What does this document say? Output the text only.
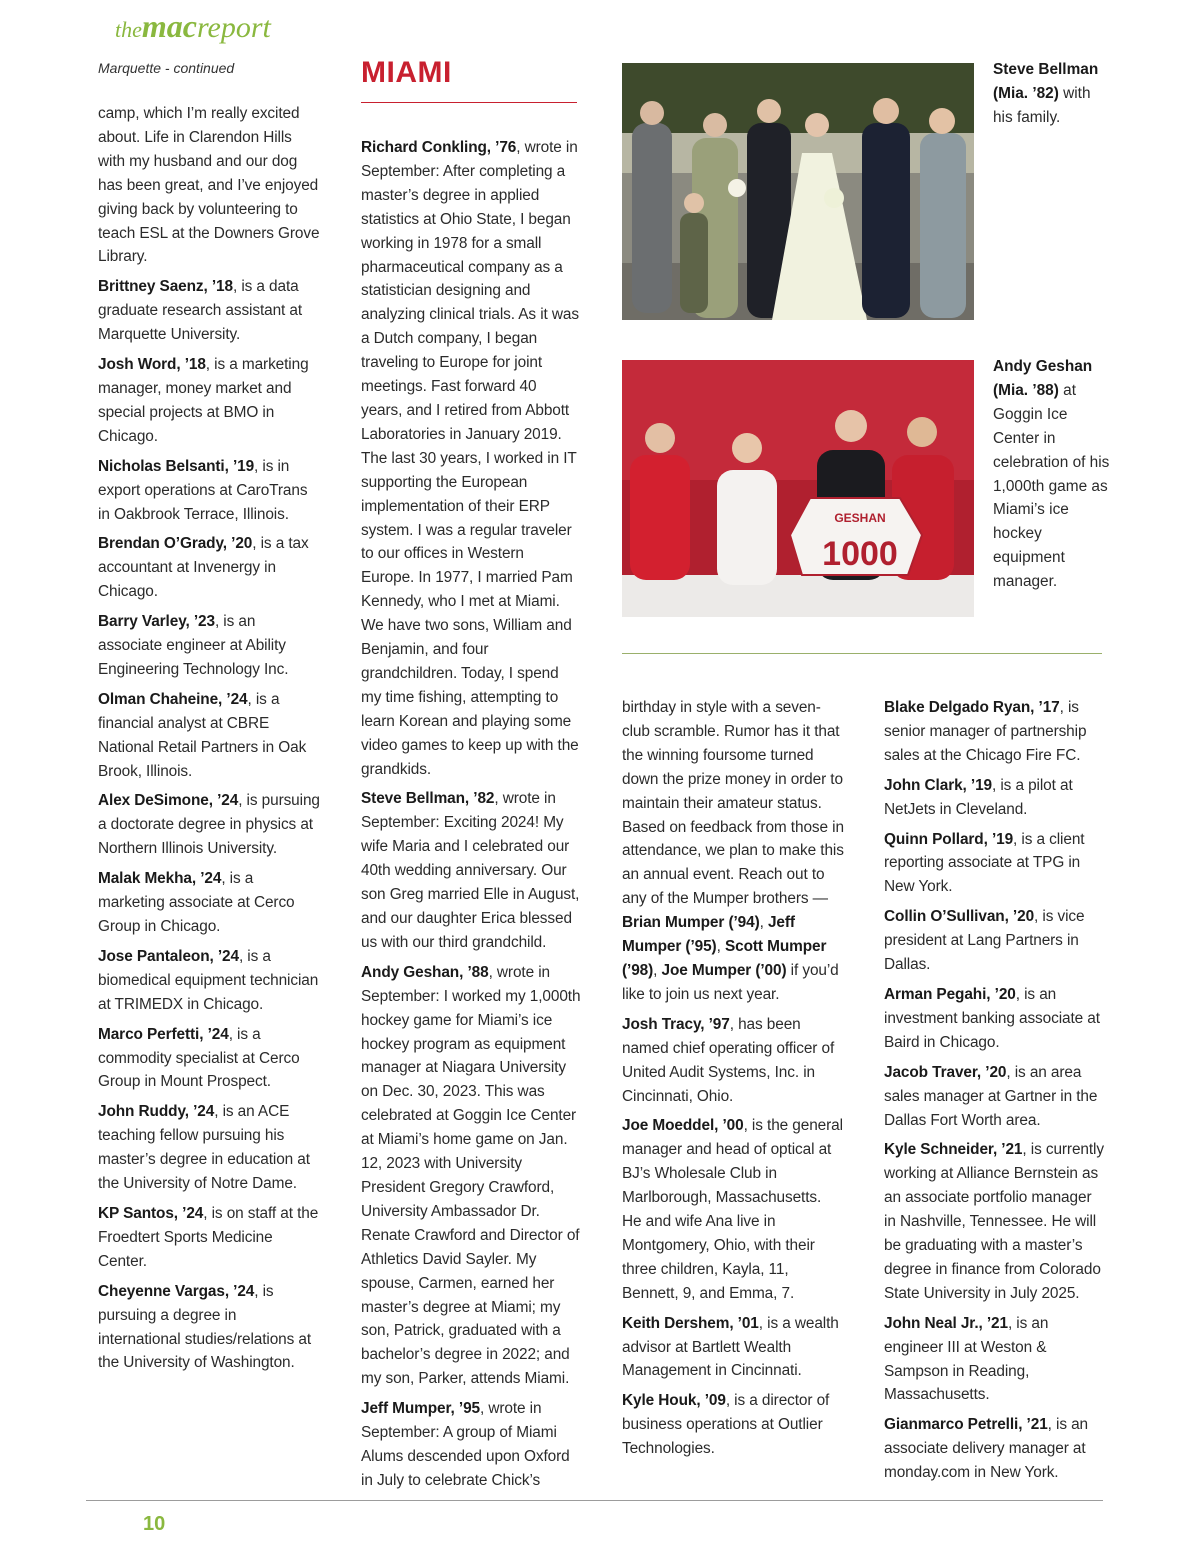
themacreport
Marquette - continued	MIAMI

camp, which I’m really excited about. Life in Clarendon Hills with my husband and our dog has been great, and I’ve enjoyed giving back by volunteering to teach ESL at the Downers Grove Library.

Brittney Saenz, ’18, is a data graduate research assistant at Marquette University.

Josh Word, ’18, is a marketing manager, money market and special projects at BMO in Chicago.

Nicholas Belsanti, ’19, is in export operations at CaroTrans in Oakbrook Terrace, Illinois.

Brendan O’Grady, ’20, is a tax accountant at Invenergy in Chicago.

Barry Varley, ’23, is an associate engineer at Ability Engineering Technology Inc.

Olman Chaheine, ’24, is a financial analyst at CBRE National Retail Partners in Oak Brook, Illinois.

Alex DeSimone, ’24, is pursuing a doctorate degree in physics at Northern Illinois University.

Malak Mekha, ’24, is a marketing associate at Cerco Group in Chicago.

Jose Pantaleon, ’24, is a biomedical equipment technician at TRIMEDX in Chicago.

Marco Perfetti, ’24, is a commodity specialist at Cerco Group in Mount Prospect.

John Ruddy, ’24, is an ACE teaching fellow pursuing his master’s degree in education at the University of Notre Dame.

KP Santos, ’24, is on staff at the Froedtert Sports Medicine Center.

Cheyenne Vargas, ’24, is pursuing a degree in international studies/relations at the University of Washington.

Richard Conkling, ’76, wrote in September: After completing a master’s degree in applied statistics at Ohio State, I began working in 1978 for a small pharmaceutical company as a statistician designing and analyzing clinical trials. As it was a Dutch company, I began traveling to Europe for joint meetings. Fast forward 40 years, and I retired from Abbott Laboratories in January 2019. The last 30 years, I worked in IT supporting the European implementation of their ERP system. I was a regular traveler to our offices in Western Europe. In 1977, I married Pam Kennedy, who I met at Miami. We have two sons, William and Benjamin, and four grandchildren. Today, I spend my time fishing, attempting to learn Korean and playing some video games to keep up with the grandkids.

Steve Bellman, ’82, wrote in September: Exciting 2024! My wife Maria and I celebrated our 40th wedding anniversary. Our son Greg married Elle in August, and our daughter Erica blessed us with our third grandchild.

Andy Geshan, ’88, wrote in September: I worked my 1,000th hockey game for Miami’s ice hockey program as equipment manager at Niagara University on Dec. 30, 2023. This was celebrated at Goggin Ice Center at Miami’s home game on Jan. 12, 2023 with University President Gregory Crawford, University Ambassador Dr. Renate Crawford and Director of Athletics David Sayler. My spouse, Carmen, earned her master’s degree at Miami; my son, Patrick, graduated with a bachelor’s degree in 2022; and my son, Parker, attends Miami.

Jeff Mumper, ’95, wrote in September: A group of Miami Alums descended upon Oxford in July to celebrate Chick’s

Steve Bellman (Mia. ’82) with his family.
GESHAN
1000
Andy Geshan (Mia. ’88) at Goggin Ice Center in celebration of his 1,000th game as Miami’s ice hockey equipment manager.

birthday in style with a seven-club scramble. Rumor has it that the winning foursome turned down the prize money in order to maintain their amateur status. Based on feedback from those in attendance, we plan to make this an annual event. Reach out to any of the Mumper brothers — Brian Mumper (’94), Jeff Mumper (’95), Scott Mumper (’98), Joe Mumper (’00) if you’d like to join us next year.

Josh Tracy, ’97, has been named chief operating officer of United Audit Systems, Inc. in Cincinnati, Ohio.

Joe Moeddel, ’00, is the general manager and head of optical at BJ’s Wholesale Club in Marlborough, Massachusetts. He and wife Ana live in Montgomery, Ohio, with their three children, Kayla, 11, Bennett, 9, and Emma, 7.

Keith Dershem, ’01, is a wealth advisor at Bartlett Wealth Management in Cincinnati.

Kyle Houk, ’09, is a director of business operations at Outlier Technologies.

Blake Delgado Ryan, ’17, is senior manager of partnership sales at the Chicago Fire FC.

John Clark, ’19, is a pilot at NetJets in Cleveland.

Quinn Pollard, ’19, is a client reporting associate at TPG in New York.

Collin O’Sullivan, ’20, is vice president at Lang Partners in Dallas.

Arman Pegahi, ’20, is an investment banking associate at Baird in Chicago.

Jacob Traver, ’20, is an area sales manager at Gartner in the Dallas Fort Worth area.

Kyle Schneider, ’21, is currently working at Alliance Bernstein as an associate portfolio manager in Nashville, Tennessee. He will be graduating with a master’s degree in finance from Colorado State University in July 2025.

John Neal Jr., ’21, is an engineer III at Weston & Sampson in Reading, Massachusetts.

Gianmarco Petrelli, ’21, is an associate delivery manager at monday.com in New York.

10
